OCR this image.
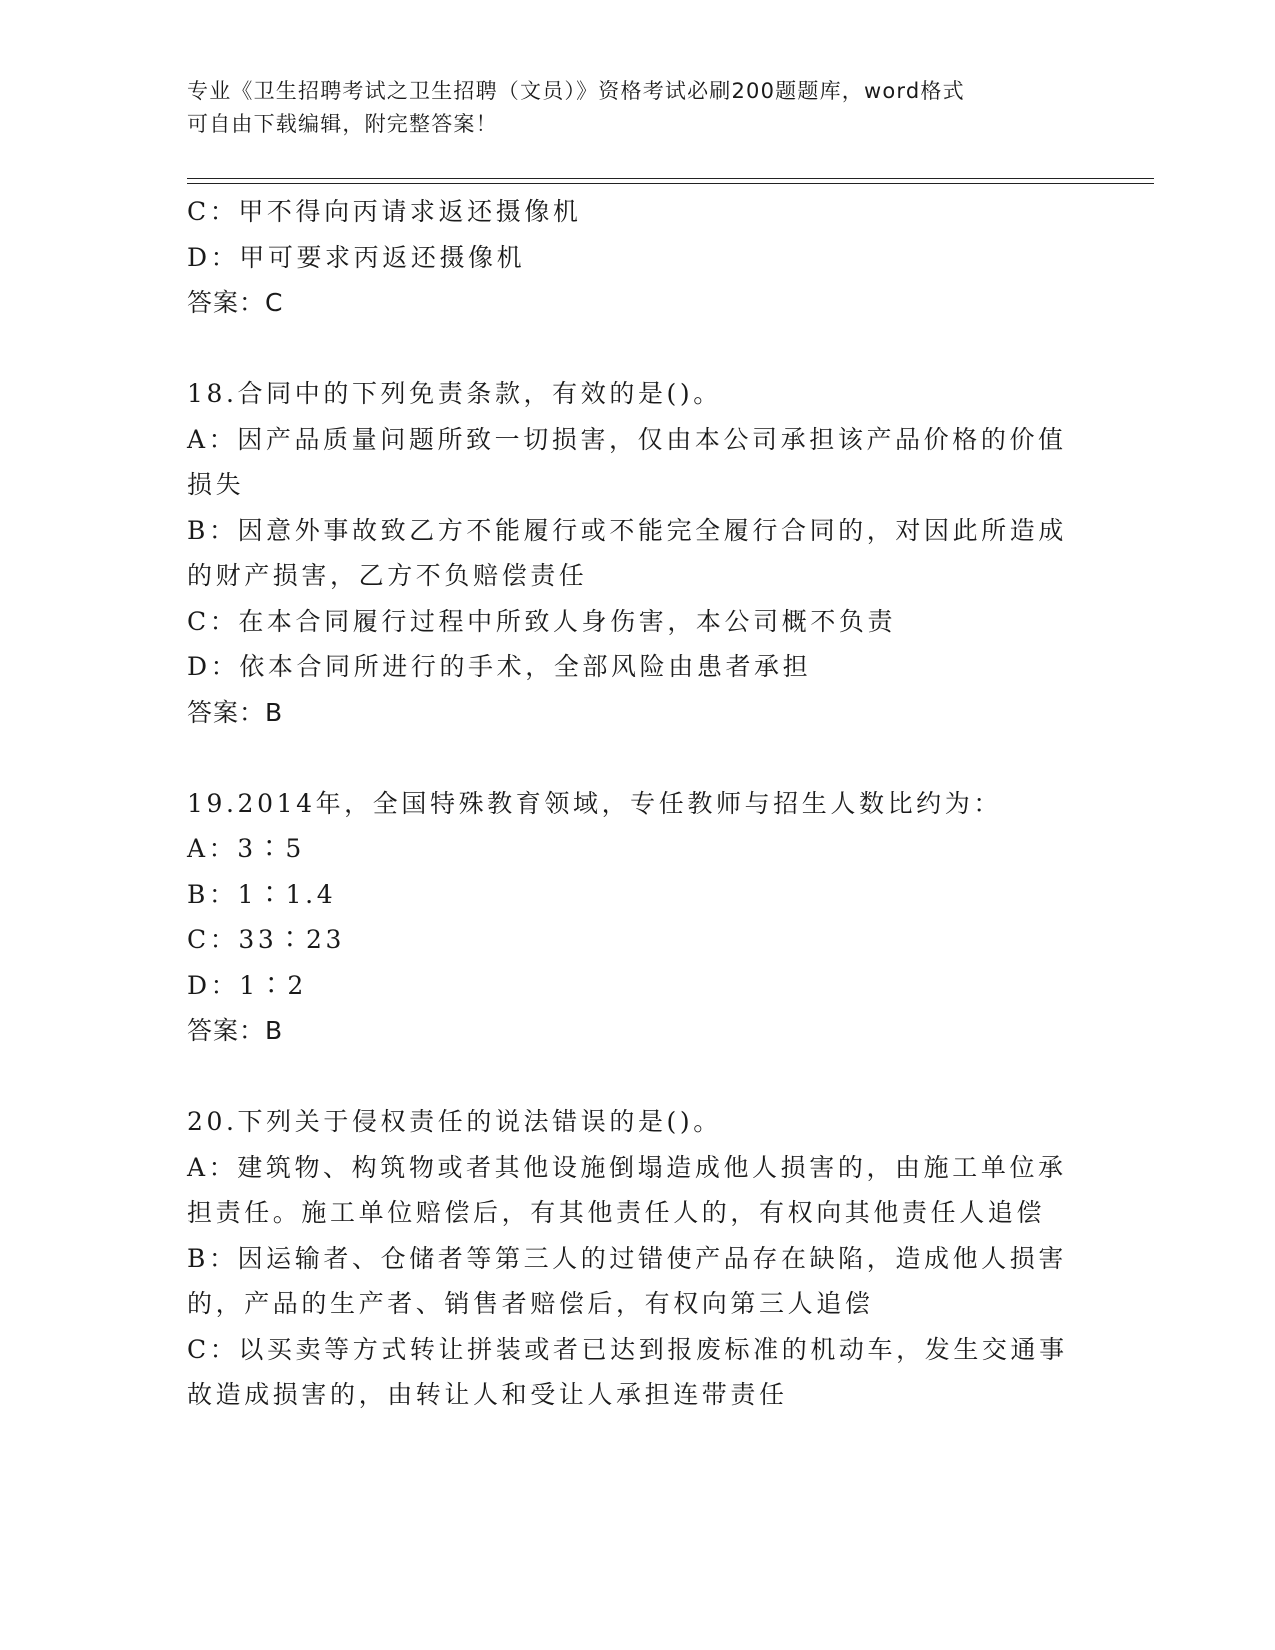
专业《卫生招聘考试之卫生招聘（文员）》资格考试必刷200题题库，word格式
可自由下载编辑，附完整答案！
C：甲不得向丙请求返还摄像机
D：甲可要求丙返还摄像机
答案：C
18.合同中的下列免责条款，有效的是()。
A：因产品质量问题所致一切损害，仅由本公司承担该产品价格的价值
损失
B：因意外事故致乙方不能履行或不能完全履行合同的，对因此所造成
的财产损害，乙方不负赔偿责任
C：在本合同履行过程中所致人身伤害，本公司概不负责
D：依本合同所进行的手术，全部风险由患者承担
答案：B
19.2014年，全国特殊教育领域，专任教师与招生人数比约为：
A：3∶5
B：1∶1.4
C：33∶23
D：1∶2
答案：B
20.下列关于侵权责任的说法错误的是()。
A：建筑物、构筑物或者其他设施倒塌造成他人损害的，由施工单位承
担责任。施工单位赔偿后，有其他责任人的，有权向其他责任人追偿
B：因运输者、仓储者等第三人的过错使产品存在缺陷，造成他人损害
的，产品的生产者、销售者赔偿后，有权向第三人追偿
C：以买卖等方式转让拼装或者已达到报废标准的机动车，发生交通事
故造成损害的，由转让人和受让人承担连带责任
